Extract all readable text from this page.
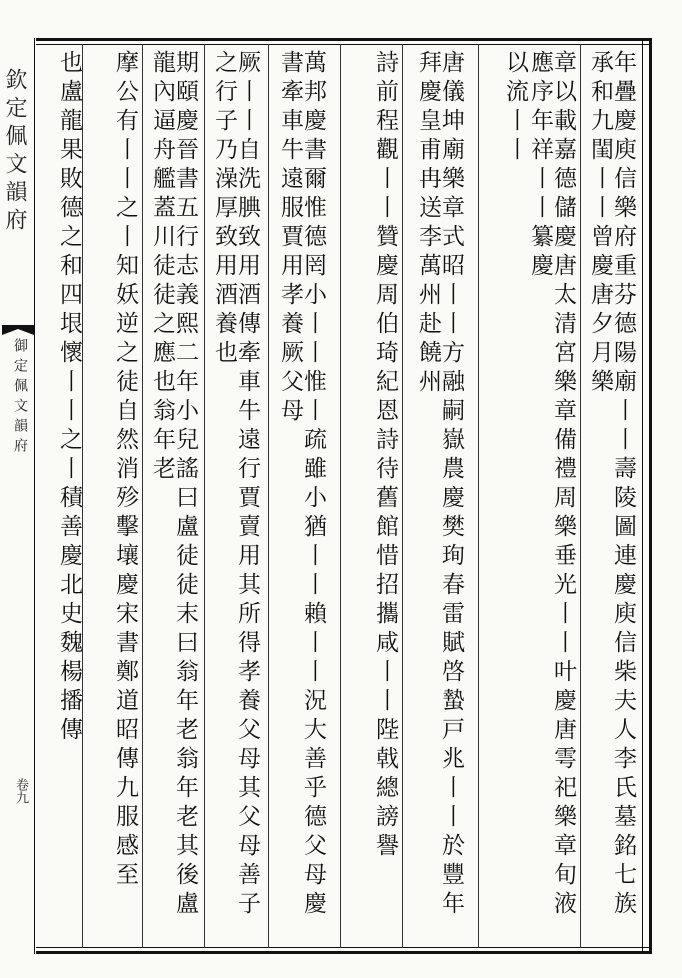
欽定佩文韻府
御定佩文韻府
卷九	年疊慶庾信樂府重芬德陽廟丨丨壽陵圖連慶庾信柴夫人李氏墓銘七族承和九閨丨丨曾慶唐夕月樂
章以載嘉德儲慶唐太清宮樂章備禮周樂垂光丨丨叶慶唐雩祀樂章旬液應序年祥丨丨纂慶
以流丨丨
唐儀坤廟樂章式昭丨丨方融嗣嶽農慶樊珣春雷賦啓蟄戸兆丨丨於豐年拜慶皇甫冉送李萬州赴饒州
詩前程觀丨丨贊慶周伯琦紀恩詩待舊館惜招攜咸丨丨陛戟總謗譽
萬邦慶書爾惟德罔小丨丨惟丨疏雖小猶丨丨賴丨丨況大善乎德父母慶書牽車牛遠服賈用孝養厥父母
厥丨丨自洗腆致用酒傳牽車牛遠行賈賣用其所得孝養父母其父母善子之行子乃澡厚致用酒養也
期頤慶晉書五行志義熙二年小兒謠曰盧徒徒末曰翁年老翁年老其後盧龍內逼舟艦蓋川徒徒之應也翁年老
摩公有丨丨之丨知妖逆之徒自然消殄擊壤慶宋書鄭道昭傳九服感至
也盧龍果敗德之和四垠懷丨丨之丨積善慶北史魏楊播傳
